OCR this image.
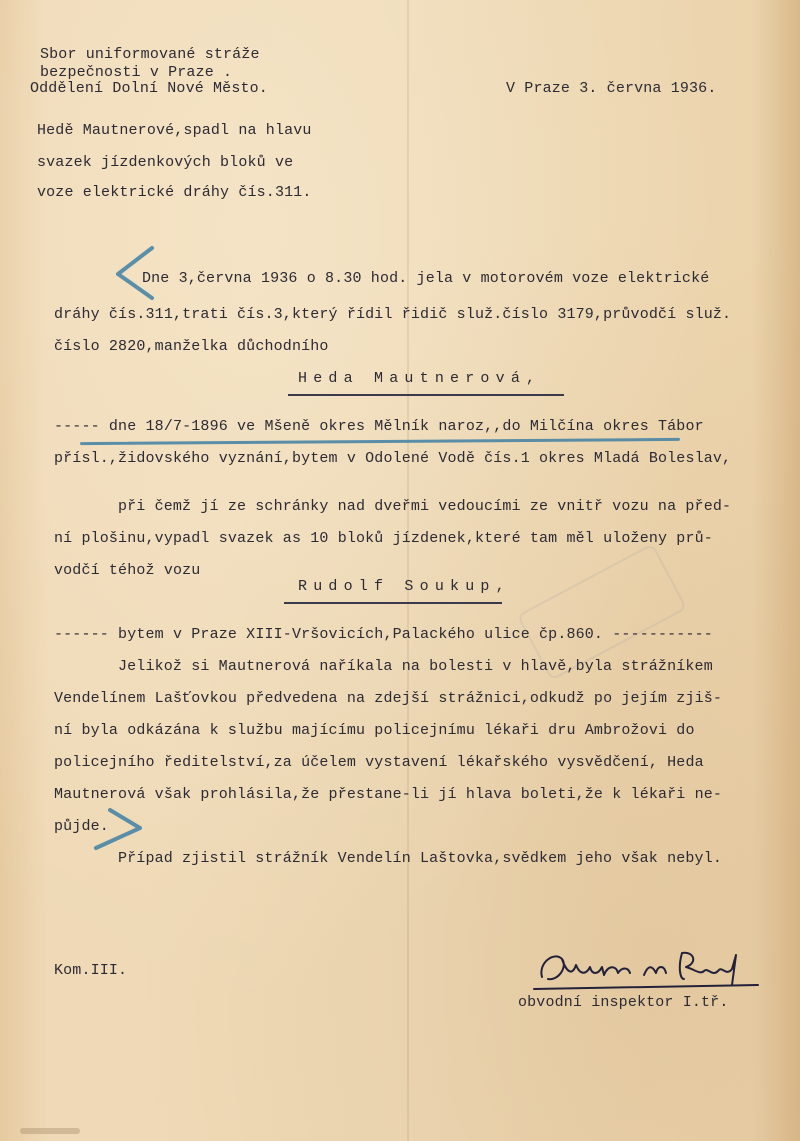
Sbor uniformované stráže
bezpečnosti v Praze .
Oddělení Dolní Nové Město.	V Praze 3. června 1936.
Hedě Mautnerové,spadl na hlavu
svazek jízdenkových bloků ve
voze elektrické dráhy čís.311.
Dne 3,června 1936 o 8.30 hod. jela v motorovém voze elektrické
dráhy čís.311,trati čís.3,který řídil řidič služ.číslo 3179,průvodčí služ.
číslo 2820,manželka důchodního
Heda Mautnerová,
----- dne 18/7-1896 ve Mšeně okres Mělník naroz,,do Milčína okres Tábor
přísl.,židovského vyznání,bytem v Odolené Vodě čís.1 okres Mladá Boleslav,
při čemž jí ze schránky nad dveřmi vedoucími ze vnitř vozu na před-
ní plošinu,vypadl svazek as 10 bloků jízdenek,které tam měl uloženy prů-
vodčí téhož vozu
Rudolf Soukup,
------ bytem v Praze XIII-Vršovicích,Palackého ulice čp.860. -----------
Jelikož si Mautnerová naříkala na bolesti v hlavě,byla strážníkem
Vendelínem Lašťovkou předvedena na zdejší strážnici,odkudž po jejím zjiš-
ní byla odkázána k službu majícímu policejnímu lékaři dru Ambrožovi do
policejního ředitelství,za účelem vystavení lékařského vysvědčení, Heda
Mautnerová však prohlásila,že přestane-li jí hlava boleti,že k lékaři ne-
půjde.
Případ zjistil strážník Vendelín Laštovka,svědkem jeho však nebyl.
Kom.III.
obvodní inspektor I.tř.
